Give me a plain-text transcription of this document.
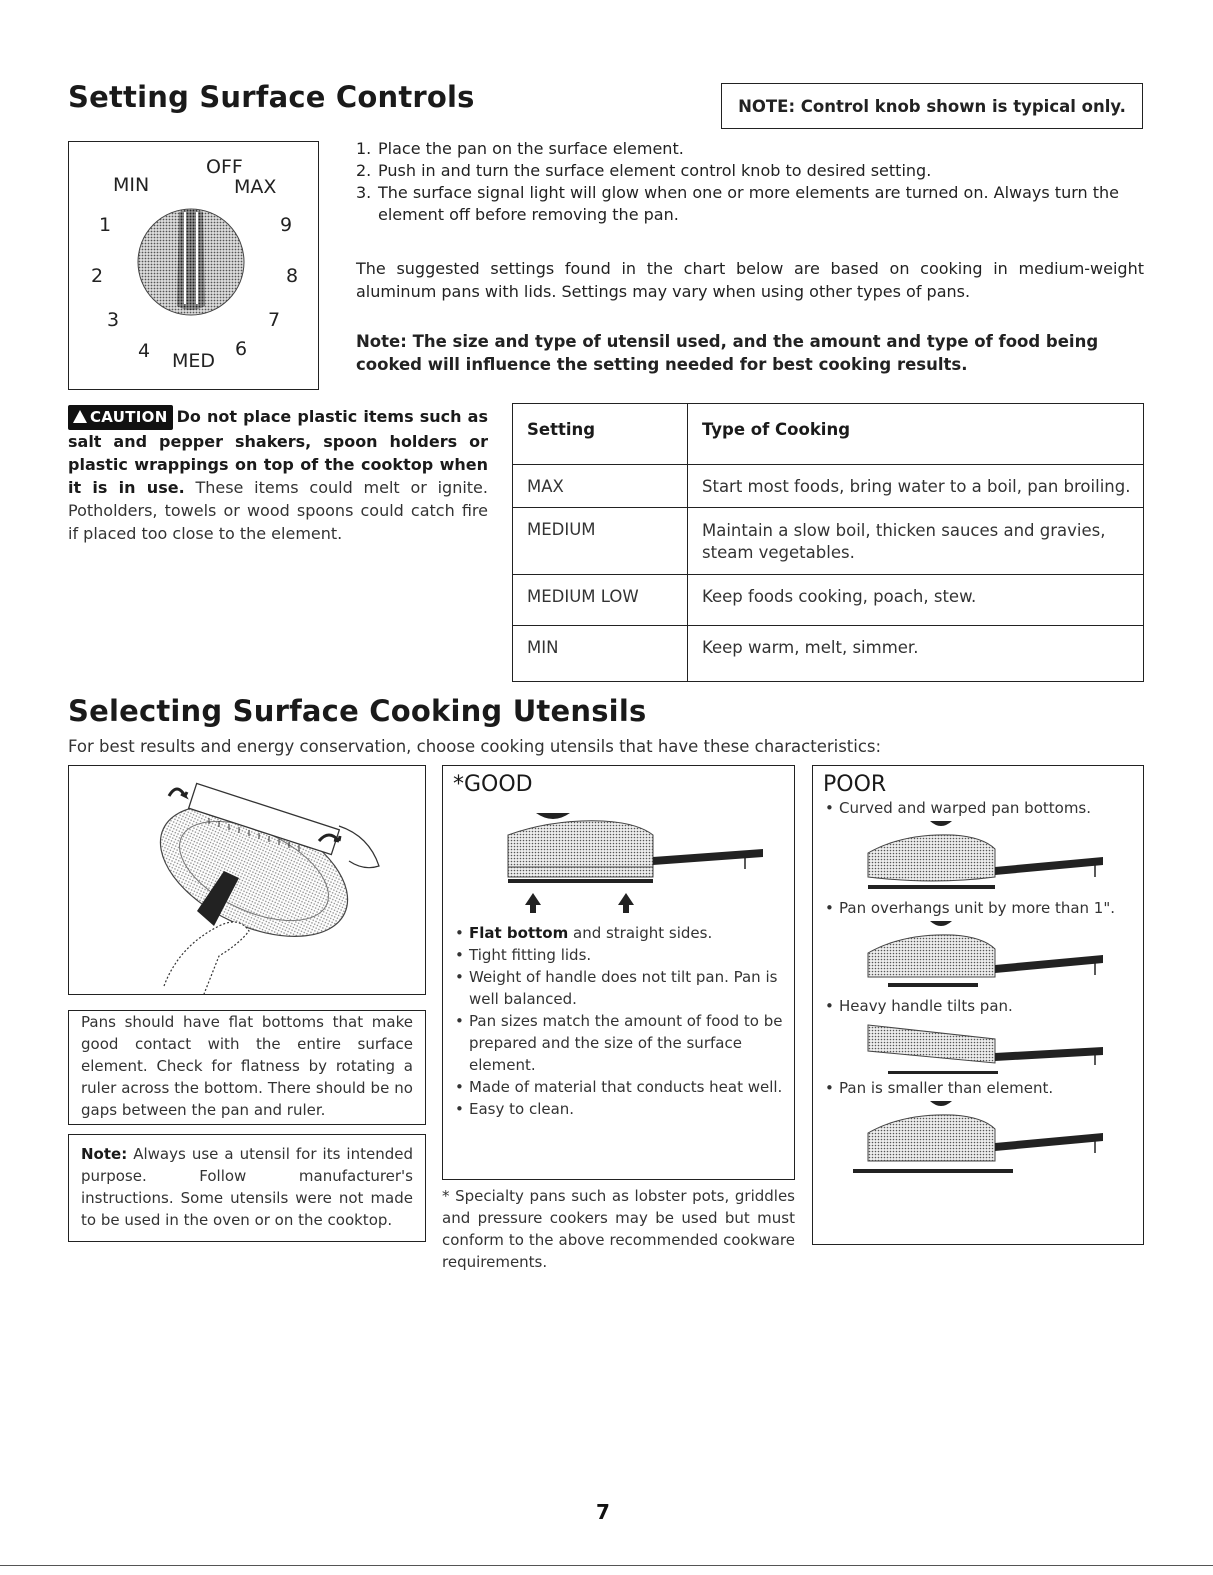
Setting Surface Controls	NOTE: Control knob shown is typical only.
OFF
MIN	MAX
1	9
2	8
3	7
4 MED
6
1. Place the pan on the surface element.
2. Push in and turn the surface element control knob to desired setting.
3. The surface signal light will glow when one or more elements are turned on. Always turn the element off before removing the pan.
The suggested settings found in the chart below are based on cooking in medium-weight aluminum pans with lids. Settings may vary when using other types of pans.
Note: The size and type of utensil used, and the amount and type of food being cooked will influence the setting needed for best cooking results.
CAUTION Do not place plastic items such as salt and pepper shakers, spoon holders or plastic wrappings on top of the cooktop when it is in use. These items could melt or ignite. Potholders, towels or wood spoons could catch fire if placed too close to the element.
Setting	Type of Cooking
MAX	Start most foods, bring water to a boil, pan broiling.
MEDIUM	Maintain a slow boil, thicken sauces and gravies, steam vegetables.
MEDIUM LOW	Keep foods cooking, poach, stew.
MIN	Keep warm, melt, simmer.
Selecting Surface Cooking Utensils
For best results and energy conservation, choose cooking utensils that have these characteristics:
Pans should have flat bottoms that make good contact with the entire surface element. Check for flatness by rotating a ruler across the bottom. There should be no gaps between the pan and ruler.
Note: Always use a utensil for its intended purpose. Follow manufacturer's instructions. Some utensils were not made to be used in the oven or on the cooktop.
*GOOD
• Flat bottom and straight sides.
• Tight fitting lids.
• Weight of handle does not tilt pan. Pan is well balanced.
• Pan sizes match the amount of food to be prepared and the size of the surface element.
• Made of material that conducts heat well.
• Easy to clean.
* Specialty pans such as lobster pots, griddles and pressure cookers may be used but must conform to the above recommended cookware requirements.
POOR
• Curved and warped pan bottoms.
• Pan overhangs unit by more than 1".
• Heavy handle tilts pan.
• Pan is smaller than element.
7
